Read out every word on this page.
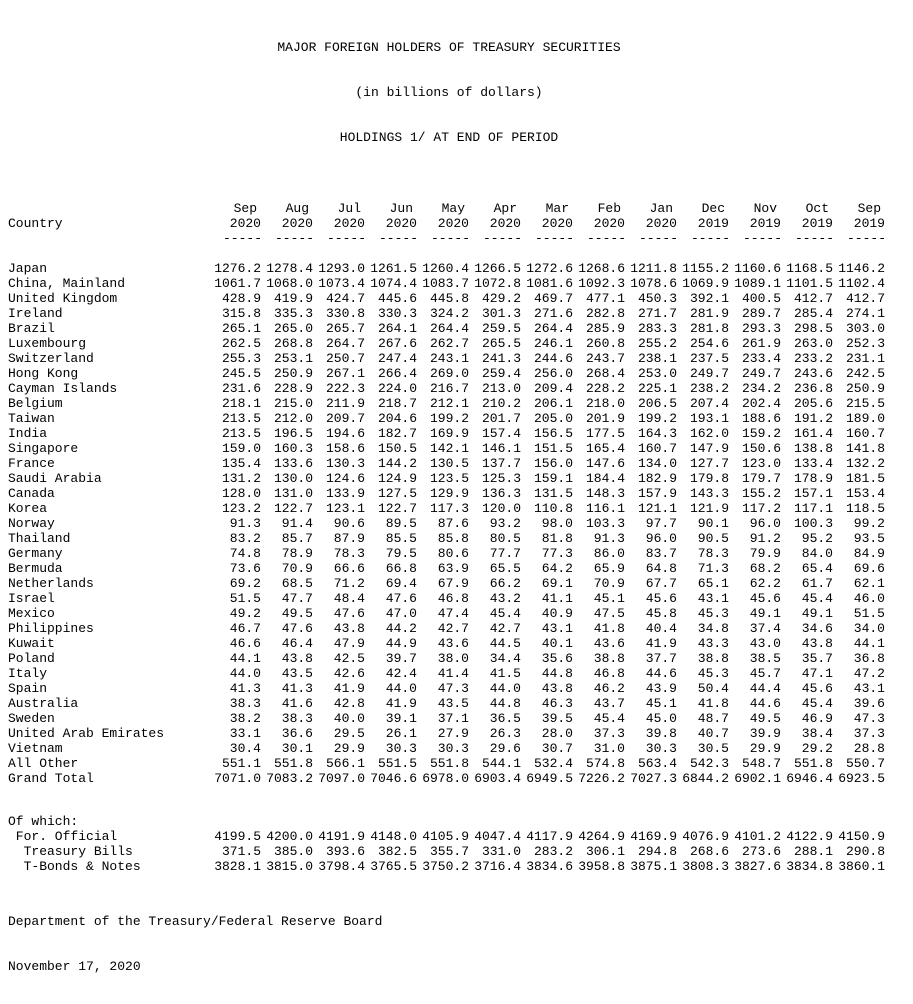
MAJOR FOREIGN HOLDERS OF TREASURY SECURITIES

(in billions of dollars)

HOLDINGS 1/ AT END OF PERIOD

	Sep	Aug	Jul	Jun	May	Apr	Mar	Feb	Jan	Dec	Nov	Oct	Sep
Country	2020	2020	2020	2020	2020	2020	2020	2020	2020	2019	2019	2019	2019
	-----	-----	-----	-----	-----	-----	-----	-----	-----	-----	-----	-----	-----

Japan	1276.2	1278.4	1293.0	1261.5	1260.4	1266.5	1272.6	1268.6	1211.8	1155.2	1160.6	1168.5	1146.2
China, Mainland	1061.7	1068.0	1073.4	1074.4	1083.7	1072.8	1081.6	1092.3	1078.6	1069.9	1089.1	1101.5	1102.4
United Kingdom	428.9	419.9	424.7	445.6	445.8	429.2	469.7	477.1	450.3	392.1	400.5	412.7	412.7
Ireland	315.8	335.3	330.8	330.3	324.2	301.3	271.6	282.8	271.7	281.9	289.7	285.4	274.1
Brazil	265.1	265.0	265.7	264.1	264.4	259.5	264.4	285.9	283.3	281.8	293.3	298.5	303.0
Luxembourg	262.5	268.8	264.7	267.6	262.7	265.5	246.1	260.8	255.2	254.6	261.9	263.0	252.3
Switzerland	255.3	253.1	250.7	247.4	243.1	241.3	244.6	243.7	238.1	237.5	233.4	233.2	231.1
Hong Kong	245.5	250.9	267.1	266.4	269.0	259.4	256.0	268.4	253.0	249.7	249.7	243.6	242.5
Cayman Islands	231.6	228.9	222.3	224.0	216.7	213.0	209.4	228.2	225.1	238.2	234.2	236.8	250.9
Belgium	218.1	215.0	211.9	218.7	212.1	210.2	206.1	218.0	206.5	207.4	202.4	205.6	215.5
Taiwan	213.5	212.0	209.7	204.6	199.2	201.7	205.0	201.9	199.2	193.1	188.6	191.2	189.0
India	213.5	196.5	194.6	182.7	169.9	157.4	156.5	177.5	164.3	162.0	159.2	161.4	160.7
Singapore	159.0	160.3	158.6	150.5	142.1	146.1	151.5	165.4	160.7	147.9	150.6	138.8	141.8
France	135.4	133.6	130.3	144.2	130.5	137.7	156.0	147.6	134.0	127.7	123.0	133.4	132.2
Saudi Arabia	131.2	130.0	124.6	124.9	123.5	125.3	159.1	184.4	182.9	179.8	179.7	178.9	181.5
Canada	128.0	131.0	133.9	127.5	129.9	136.3	131.5	148.3	157.9	143.3	155.2	157.1	153.4
Korea	123.2	122.7	123.1	122.7	117.3	120.0	110.8	116.1	121.1	121.9	117.2	117.1	118.5
Norway	91.3	91.4	90.6	89.5	87.6	93.2	98.0	103.3	97.7	90.1	96.0	100.3	99.2
Thailand	83.2	85.7	87.9	85.5	85.8	80.5	81.8	91.3	96.0	90.5	91.2	95.2	93.5
Germany	74.8	78.9	78.3	79.5	80.6	77.7	77.3	86.0	83.7	78.3	79.9	84.0	84.9
Bermuda	73.6	70.9	66.6	66.8	63.9	65.5	64.2	65.9	64.8	71.3	68.2	65.4	69.6
Netherlands	69.2	68.5	71.2	69.4	67.9	66.2	69.1	70.9	67.7	65.1	62.2	61.7	62.1
Israel	51.5	47.7	48.4	47.6	46.8	43.2	41.1	45.1	45.6	43.1	45.6	45.4	46.0
Mexico	49.2	49.5	47.6	47.0	47.4	45.4	40.9	47.5	45.8	45.3	49.1	49.1	51.5
Philippines	46.7	47.6	43.8	44.2	42.7	42.7	43.1	41.8	40.4	34.8	37.4	34.6	34.0
Kuwait	46.6	46.4	47.9	44.9	43.6	44.5	40.1	43.6	41.9	43.3	43.0	43.8	44.1
Poland	44.1	43.8	42.5	39.7	38.0	34.4	35.6	38.8	37.7	38.8	38.5	35.7	36.8
Italy	44.0	43.5	42.6	42.4	41.4	41.5	44.8	46.8	44.6	45.3	45.7	47.1	47.2
Spain	41.3	41.3	41.9	44.0	47.3	44.0	43.8	46.2	43.9	50.4	44.4	45.6	43.1
Australia	38.3	41.6	42.8	41.9	43.5	44.8	46.3	43.7	45.1	41.8	44.6	45.4	39.6
Sweden	38.2	38.3	40.0	39.1	37.1	36.5	39.5	45.4	45.0	48.7	49.5	46.9	47.3
United Arab Emirates	33.1	36.6	29.5	26.1	27.9	26.3	28.0	37.3	39.8	40.7	39.9	38.4	37.3
Vietnam	30.4	30.1	29.9	30.3	30.3	29.6	30.7	31.0	30.3	30.5	29.9	29.2	28.8
All Other	551.1	551.8	566.1	551.5	551.8	544.1	532.4	574.8	563.4	542.3	548.7	551.8	550.7
Grand Total	7071.0	7083.2	7097.0	7046.6	6978.0	6903.4	6949.5	7226.2	7027.3	6844.2	6902.1	6946.4	6923.5

Of which:													
For. Official	4199.5	4200.0	4191.9	4148.0	4105.9	4047.4	4117.9	4264.9	4169.9	4076.9	4101.2	4122.9	4150.9
Treasury Bills	371.5	385.0	393.6	382.5	355.7	331.0	283.2	306.1	294.8	268.6	273.6	288.1	290.8
T-Bonds & Notes	3828.1	3815.0	3798.4	3765.5	3750.2	3716.4	3834.6	3958.8	3875.1	3808.3	3827.6	3834.8	3860.1

Department of the Treasury/Federal Reserve Board

November 17, 2020
